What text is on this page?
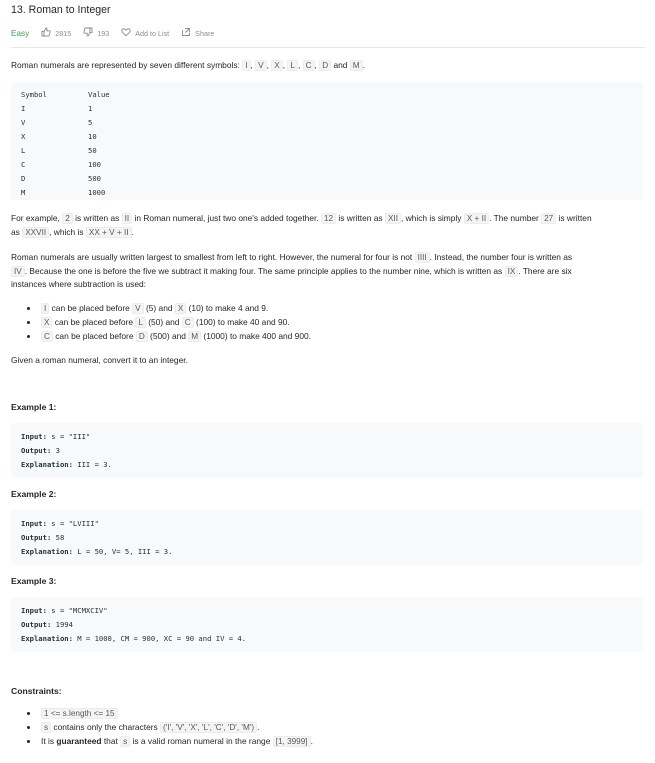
13. Roman to Integer
Easy	2815	193	Add to List	Share

Roman numerals are represented by seven different symbols: I , V , X , L , C , D and M .

Symbol	Value
I	1
V	5
X	10
L	50
C	100
D	500
M	1000

For example, 2 is written as II in Roman numeral, just two one's added together. 12 is written as XII , which is simply X + II . The number 27 is written
as XXVII , which is XX + V + II .

Roman numerals are usually written largest to smallest from left to right. However, the numeral for four is not IIII . Instead, the number four is written as
IV . Because the one is before the five we subtract it making four. The same principle applies to the number nine, which is written as IX . There are six
instances where subtraction is used:

I can be placed before V (5) and X (10) to make 4 and 9.
X can be placed before L (50) and C (100) to make 40 and 90.
C can be placed before D (500) and M (1000) to make 400 and 900.

Given a roman numeral, convert it to an integer.

Example 1:
Input: s = "III"
Output: 3
Explanation: III = 3.
Example 2:
Input: s = "LVIII"
Output: 58
Explanation: L = 50, V= 5, III = 3.
Example 3:
Input: s = "MCMXCIV"
Output: 1994
Explanation: M = 1000, CM = 900, XC = 90 and IV = 4.
Constraints:
1 <= s.length <= 15
s contains only the characters ('I', 'V', 'X', 'L', 'C', 'D', 'M') .
It is guaranteed that s is a valid roman numeral in the range [1, 3999] .
